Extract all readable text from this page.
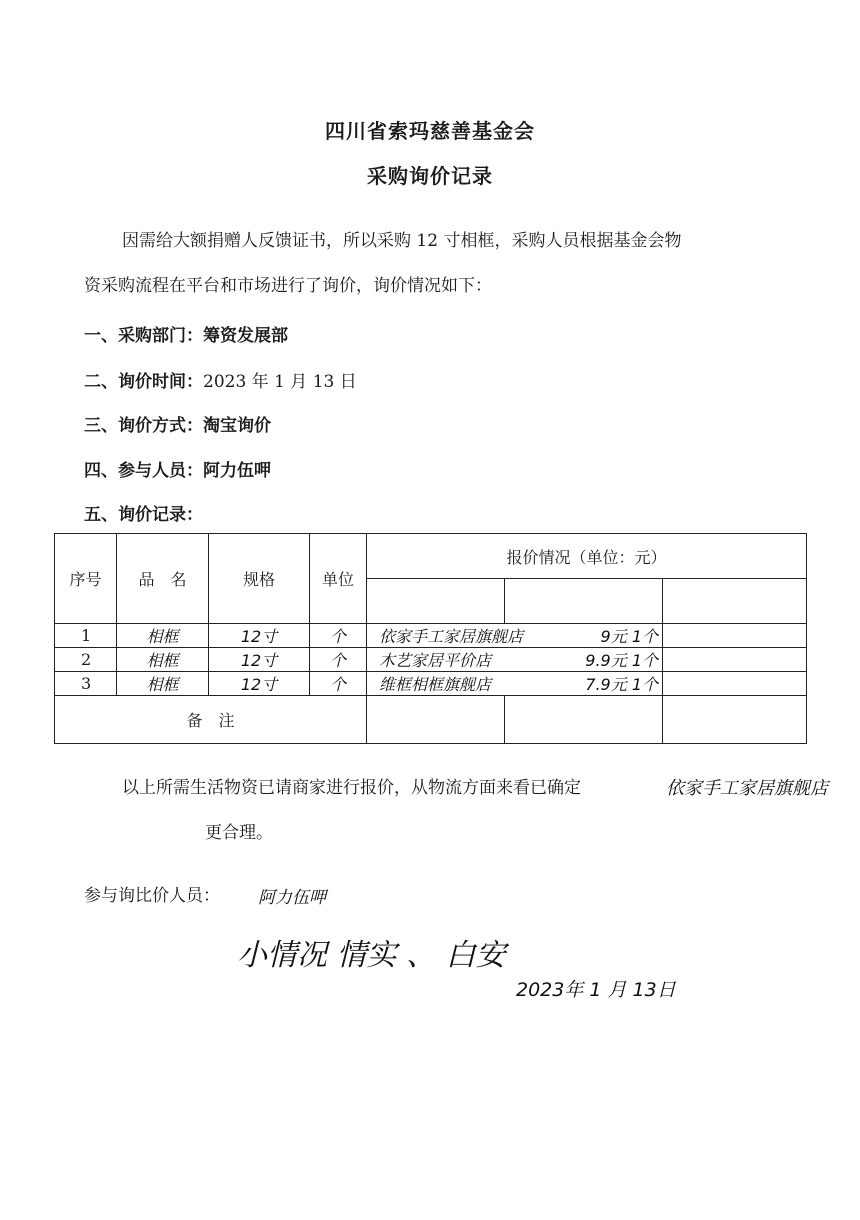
四川省索玛慈善基金会
采购询价记录
因需给大额捐赠人反馈证书，所以采购 12 寸相框，采购人员根据基金会物
资采购流程在平台和市场进行了询价，询价情况如下：
一、采购部门：筹资发展部
二、询价时间：2023 年 1 月 13 日
三、询价方式：淘宝询价
四、参与人员：阿力伍呷
五、询价记录：
序号	品　名	规格	单位	报价情况（单位：元）		

1	相框	12寸	个	依家手工家居旗舰店 9元 1个		
2	相框	12寸	个	木艺家居平价店 9.9元 1个		
3	相框	12寸	个	维框相框旗舰店 7.9元 1个		
备　注						
以上所需生活物资已请商家进行报价，从物流方面来看已确定	依家手工家居旗舰店
更合理。
参与询比价人员： 阿力伍呷
小情况 情实 、 白安
2023年 1 月 13日
